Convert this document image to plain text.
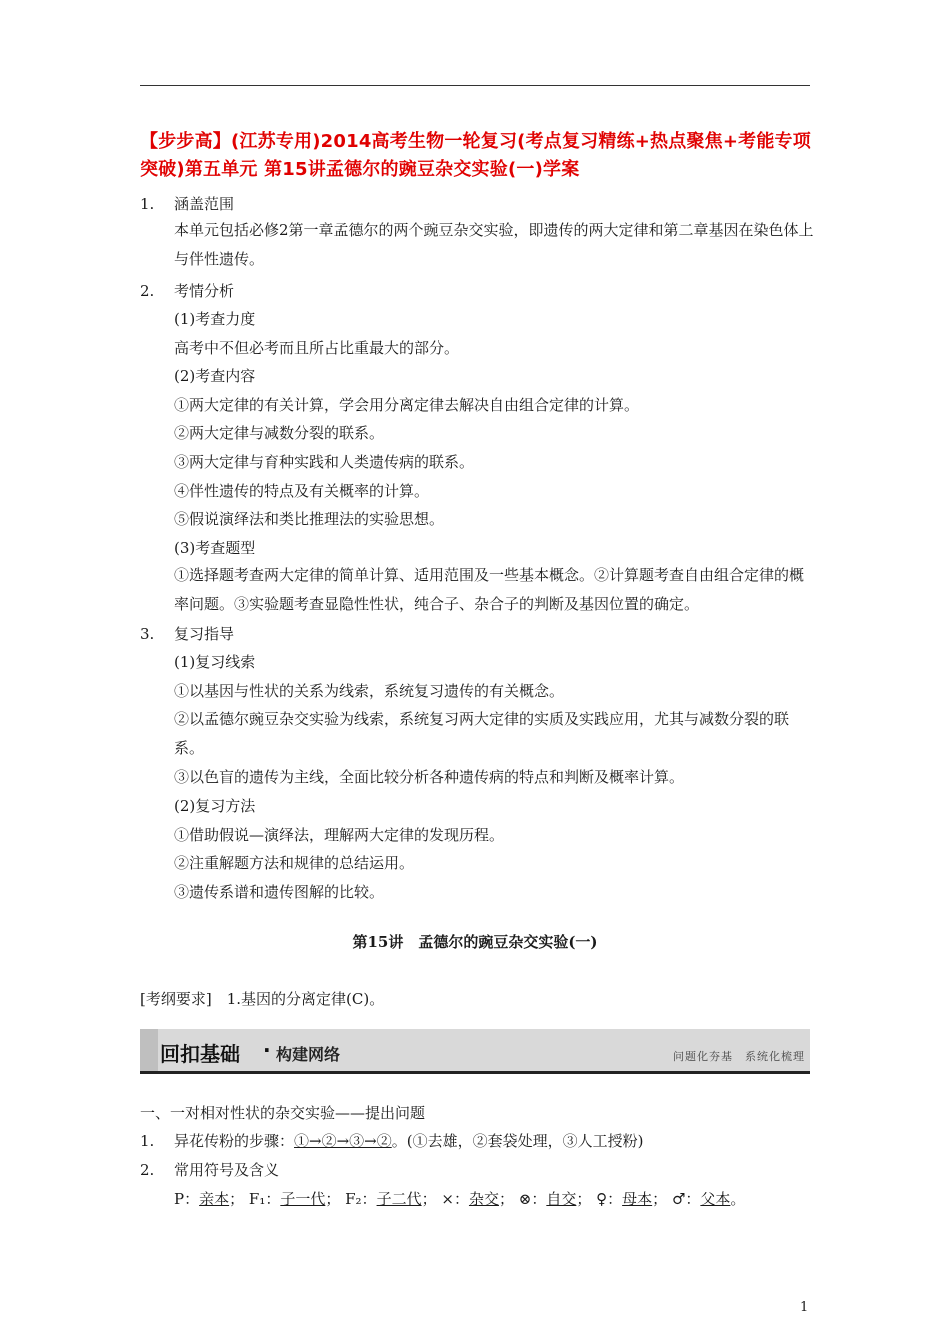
【步步高】(江苏专用)2014高考生物一轮复习(考点复习精练+热点聚焦+考能专项突破)第五单元 第15讲孟德尔的豌豆杂交实验(一)学案
1. 涵盖范围
本单元包括必修2第一章孟德尔的两个豌豆杂交实验，即遗传的两大定律和第二章基因在染色体上与伴性遗传。
2. 考情分析
(1)考查力度
高考中不但必考而且所占比重最大的部分。
(2)考查内容
①两大定律的有关计算，学会用分离定律去解决自由组合定律的计算。
②两大定律与减数分裂的联系。
③两大定律与育种实践和人类遗传病的联系。
④伴性遗传的特点及有关概率的计算。
⑤假说演绎法和类比推理法的实验思想。
(3)考查题型
①选择题考查两大定律的简单计算、适用范围及一些基本概念。②计算题考查自由组合定律的概率问题。③实验题考查显隐性性状，纯合子、杂合子的判断及基因位置的确定。
3. 复习指导
(1)复习线索
①以基因与性状的关系为线索，系统复习遗传的有关概念。
②以孟德尔豌豆杂交实验为线索，系统复习两大定律的实质及实践应用，尤其与减数分裂的联系。
③以色盲的遗传为主线，全面比较分析各种遗传病的特点和判断及概率计算。
(2)复习方法
①借助假说—演绎法，理解两大定律的发现历程。
②注重解题方法和规律的总结运用。
③遗传系谱和遗传图解的比较。
第15讲　孟德尔的豌豆杂交实验(一)
[考纲要求]　1.基因的分离定律(C)。
回扣基础 · 构建网络	问题化夯基　系统化梳理
一、一对相对性状的杂交实验——提出问题
1. 异花传粉的步骤：①→②→③→②。(①去雄，②套袋处理，③人工授粉)
2. 常用符号及含义
P：亲本； F₁：子一代； F₂：子二代； ×：杂交； ⊗：自交； ♀：母本； ♂：父本。
1
